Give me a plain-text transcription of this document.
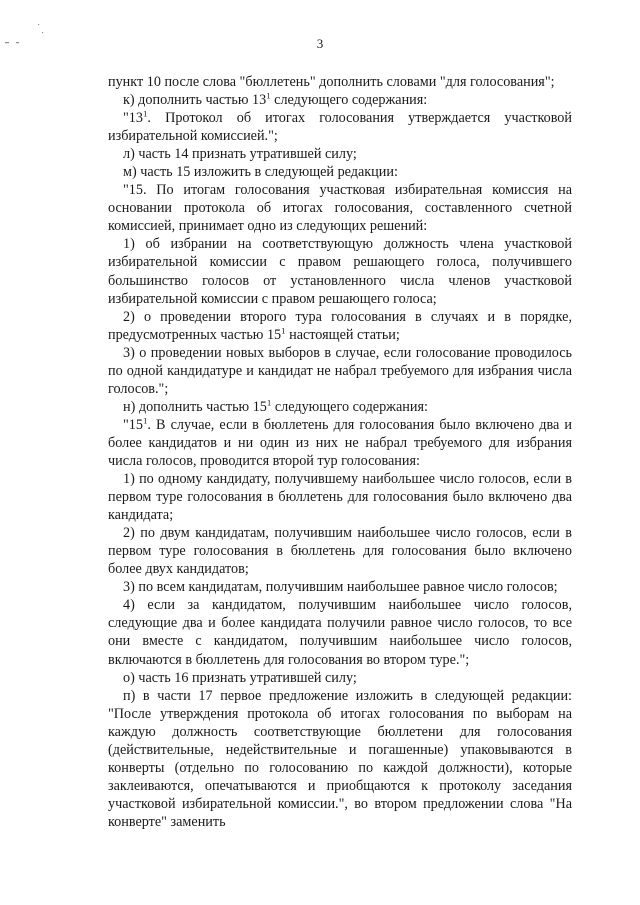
3

пункт 10 после слова "бюллетень" дополнить словами "для голосования";

к) дополнить частью $13^1$ следующего содержания:

"$13^1$. Протокол об итогах голосования утверждается участковой избирательной комиссией.";

л) часть 14 признать утратившей силу;

м) часть 15 изложить в следующей редакции:

"15. По итогам голосования участковая избирательная комиссия на основании протокола об итогах голосования, составленного счетной комиссией, принимает одно из следующих решений:

1) об избрании на соответствующую должность члена участковой избирательной комиссии с правом решающего голоса, получившего большинство голосов от установленного числа членов участковой избирательной комиссии с правом решающего голоса;

2) о проведении второго тура голосования в случаях и в порядке, предусмотренных частью $15^1$ настоящей статьи;

3) о проведении новых выборов в случае, если голосование проводилось по одной кандидатуре и кандидат не набрал требуемого для избрания числа голосов.";

н) дополнить частью $15^1$ следующего содержания:

"$15^1$. В случае, если в бюллетень для голосования было включено два и более кандидатов и ни один из них не набрал требуемого для избрания числа голосов, проводится второй тур голосования:

1) по одному кандидату, получившему наибольшее число голосов, если в первом туре голосования в бюллетень для голосования было включено два кандидата;

2) по двум кандидатам, получившим наибольшее число голосов, если в первом туре голосования в бюллетень для голосования было включено более двух кандидатов;

3) по всем кандидатам, получившим наибольшее равное число голосов;

4) если за кандидатом, получившим наибольшее число голосов, следующие два и более кандидата получили равное число голосов, то все они вместе с кандидатом, получившим наибольшее число голосов, включаются в бюллетень для голосования во втором туре.";

о) часть 16 признать утратившей силу;

п) в части 17 первое предложение изложить в следующей редакции: "После утверждения протокола об итогах голосования по выборам на каждую должность соответствующие бюллетени для голосования (действительные, недействительные и погашенные) упаковываются в конверты (отдельно по голосованию по каждой должности), которые заклеиваются, опечатываются и приобщаются к протоколу заседания участковой избирательной комиссии.", во втором предложении слова "На конверте" заменить
